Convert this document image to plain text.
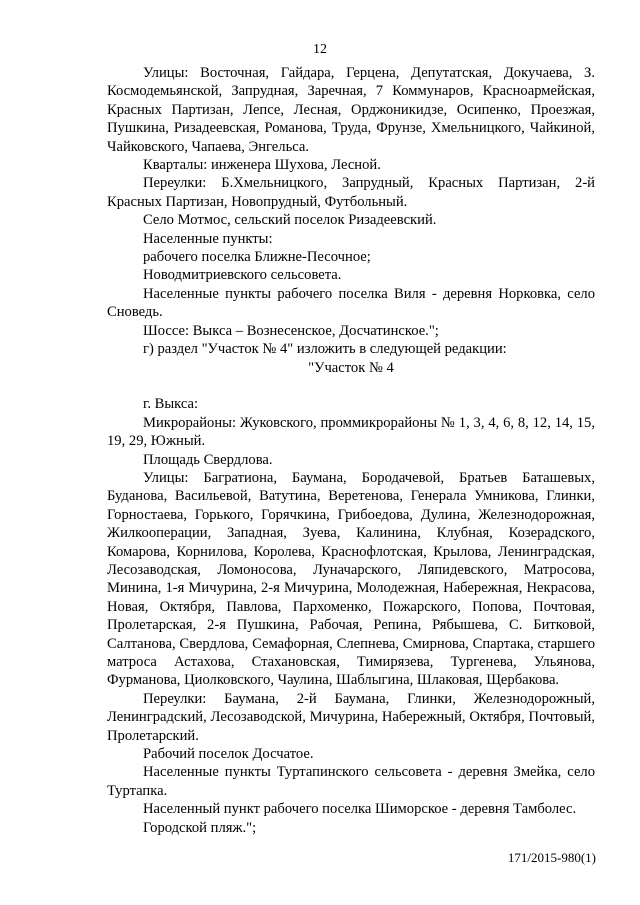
12

Улицы: Восточная, Гайдара, Герцена, Депутатская, Докучаева, З. Космодемьянской, Запрудная, Заречная, 7 Коммунаров, Красноармейская, Красных Партизан, Лепсе, Лесная, Орджоникидзе, Осипенко, Проезжая, Пушкина, Ризадеевская, Романова, Труда, Фрунзе, Хмельницкого, Чайкиной, Чайковского, Чапаева, Энгельса.

Кварталы: инженера Шухова, Лесной.

Переулки: Б.Хмельницкого, Запрудный, Красных Партизан, 2-й Красных Партизан, Новопрудный, Футбольный.

Село Мотмос, сельский поселок Ризадеевский.

Населенные пункты:

рабочего поселка Ближне-Песочное;

Новодмитриевского сельсовета.

Населенные пункты рабочего поселка Виля - деревня Норковка, село Сноведь.

Шоссе: Выкса – Вознесенское, Досчатинское.";

г) раздел "Участок № 4" изложить в следующей редакции:

"Участок № 4

г. Выкса:

Микрорайоны: Жуковского, проммикрорайоны № 1, 3, 4, 6, 8, 12, 14, 15, 19, 29, Южный.

Площадь Свердлова.

Улицы: Багратиона, Баумана, Бородачевой, Братьев Баташевых, Буданова, Васильевой, Ватутина, Веретенова, Генерала Умникова, Глинки, Горностаева, Горького, Горячкина, Грибоедова, Дулина, Железнодорожная, Жилкооперации, Западная, Зуева, Калинина, Клубная, Козерадского, Комарова, Корнилова, Королева, Краснофлотская, Крылова, Ленинградская, Лесозаводская, Ломоносова, Луначарского, Ляпидевского, Матросова, Минина, 1-я Мичурина, 2-я Мичурина, Молодежная, Набережная, Некрасова, Новая, Октября, Павлова, Пархоменко, Пожарского, Попова, Почтовая, Пролетарская, 2-я Пушкина, Рабочая, Репина, Рябышева, С. Битковой, Салтанова, Свердлова, Семафорная, Слепнева, Смирнова, Спартака, старшего матроса Астахова, Стахановская, Тимирязева, Тургенева, Ульянова, Фурманова, Циолковского, Чаулина, Шаблыгина, Шлаковая, Щербакова.

Переулки: Баумана, 2-й Баумана, Глинки, Железнодорожный, Ленинградский, Лесозаводской, Мичурина, Набережный, Октября, Почтовый, Пролетарский.

Рабочий поселок Досчатое.

Населенные пункты Туртапинского сельсовета - деревня Змейка, село Туртапка.

Населенный пункт рабочего поселка Шиморское - деревня Тамболес.

Городской пляж.";

171/2015-980(1)
